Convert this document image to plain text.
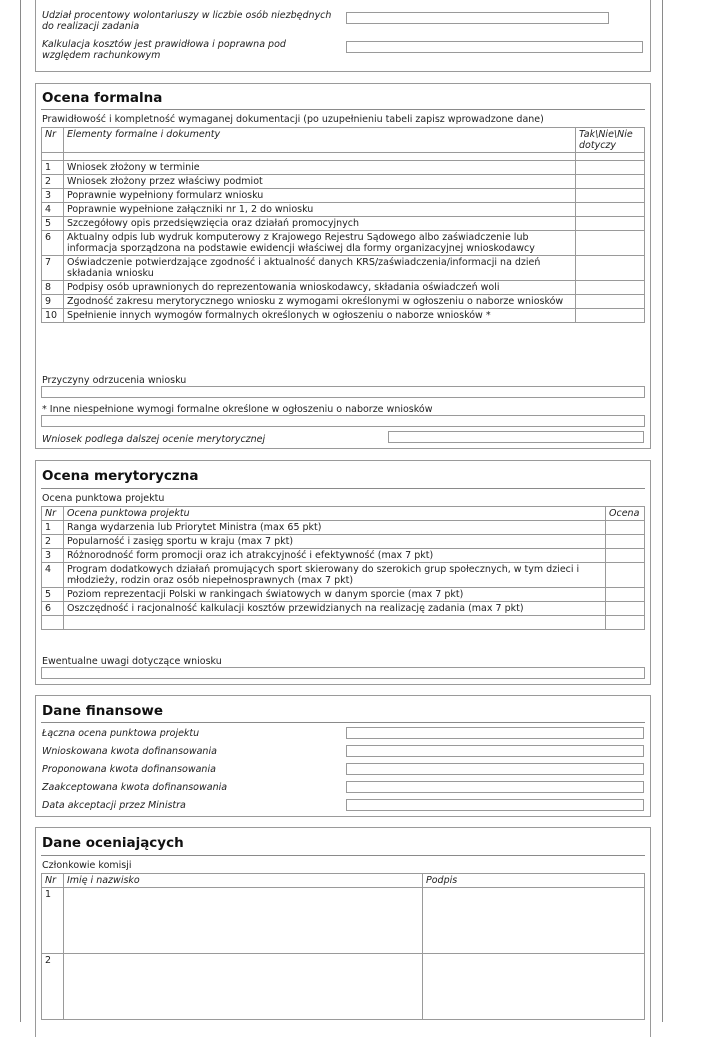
Udział procentowy wolontariuszy w liczbie osób niezbędnych do realizacji zadania
Kalkulacja kosztów jest prawidłowa i poprawna pod względem rachunkowym
Ocena formalna
Prawidłowość i kompletność wymaganej dokumentacji (po uzupełnieniu tabeli zapisz wprowadzone dane)
Nr	Elementy formalne i dokumenty	Tak\Nie\Nie dotyczy

1	Wniosek złożony w terminie	
2	Wniosek złożony przez właściwy podmiot	
3	Poprawnie wypełniony formularz wniosku	
4	Poprawnie wypełnione załączniki nr 1, 2 do wniosku	
5	Szczegółowy opis przedsięwzięcia oraz działań promocyjnych	
6	Aktualny odpis lub wydruk komputerowy z Krajowego Rejestru Sądowego albo zaświadczenie lub informacja sporządzona na podstawie ewidencji właściwej dla formy organizacyjnej wnioskodawcy	
7	Oświadczenie potwierdzające zgodność i aktualność danych KRS/zaświadczenia/informacji na dzień składania wniosku	
8	Podpisy osób uprawnionych do reprezentowania wnioskodawcy, składania oświadczeń woli	
9	Zgodność zakresu merytorycznego wniosku z wymogami określonymi w ogłoszeniu o naborze wniosków	
10	Spełnienie innych wymogów formalnych określonych w ogłoszeniu o naborze wniosków *	
Przyczyny odrzucenia wniosku
* Inne niespełnione wymogi formalne określone w ogłoszeniu o naborze wniosków
Wniosek podlega dalszej ocenie merytorycznej
Ocena merytoryczna
Ocena punktowa projektu
Nr	Ocena punktowa projektu	Ocena
1	Ranga wydarzenia lub Priorytet Ministra (max 65 pkt)	
2	Popularność i zasięg sportu w kraju (max 7 pkt)	
3	Różnorodność form promocji oraz ich atrakcyjność i efektywność (max 7 pkt)	
4	Program dodatkowych działań promujących sport skierowany do szerokich grup społecznych, w tym dzieci i młodzieży, rodzin oraz osób niepełnosprawnych (max 7 pkt)	
5	Poziom reprezentacji Polski w rankingach światowych w danym sporcie (max 7 pkt)	
6	Oszczędność i racjonalność kalkulacji kosztów przewidzianych na realizację zadania (max 7 pkt)	

Ewentualne uwagi dotyczące wniosku
Dane finansowe
Łączna ocena punktowa projektu
Wnioskowana kwota dofinansowania
Proponowana kwota dofinansowania
Zaakceptowana kwota dofinansowania
Data akceptacji przez Ministra
Dane oceniających
Członkowie komisji
Nr	Imię i nazwisko	Podpis
1		
2		
